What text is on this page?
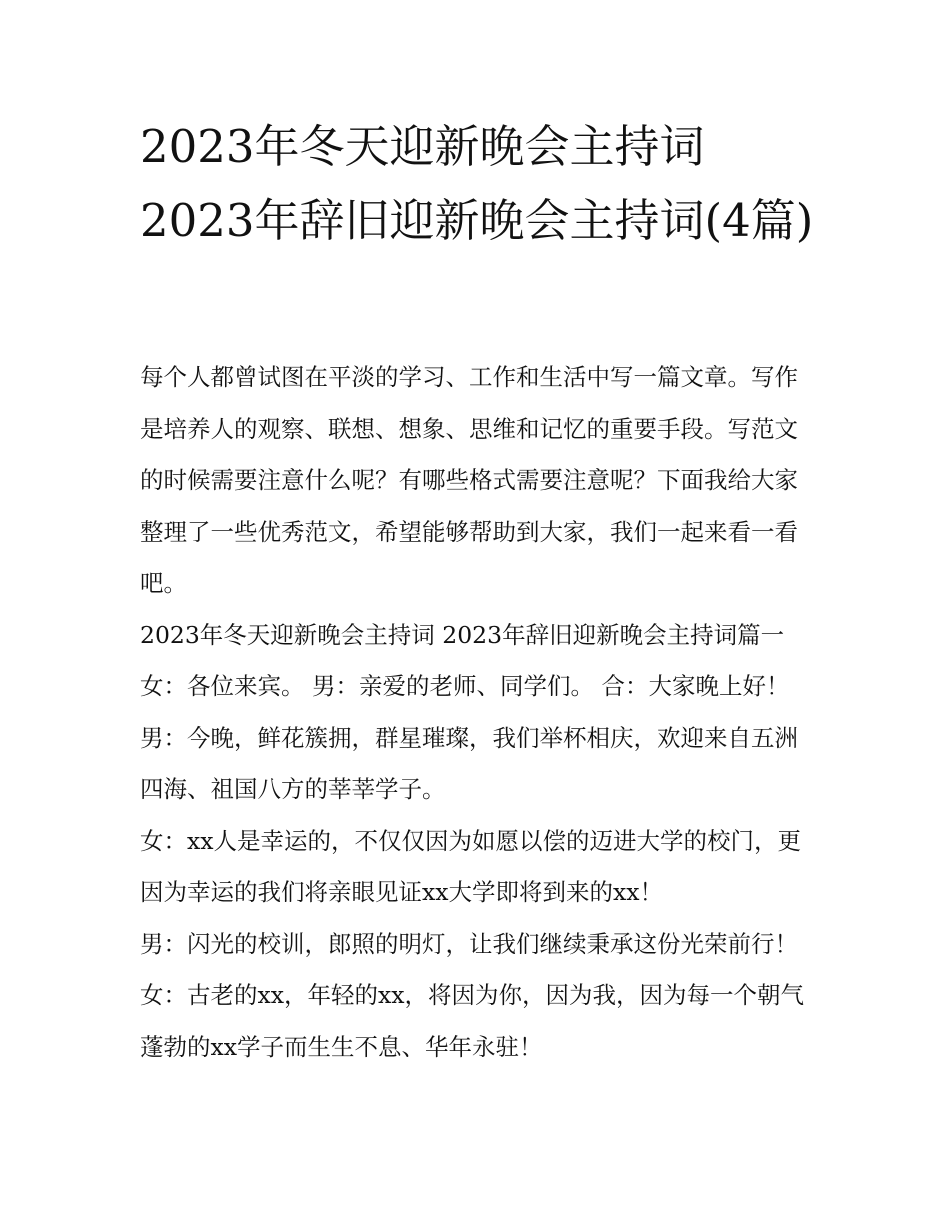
2023年冬天迎新晚会主持词 2023年辞旧迎新晚会主持词(4篇)

每个人都曾试图在平淡的学习、工作和生活中写一篇文章。写作是培养人的观察、联想、想象、思维和记忆的重要手段。写范文的时候需要注意什么呢？有哪些格式需要注意呢？下面我给大家整理了一些优秀范文，希望能够帮助到大家，我们一起来看一看吧。

2023年冬天迎新晚会主持词 2023年辞旧迎新晚会主持词篇一

女：各位来宾。 男：亲爱的老师、同学们。 合：大家晚上好！

男：今晚，鲜花簇拥，群星璀璨，我们举杯相庆，欢迎来自五洲四海、祖国八方的莘莘学子。

女：xx人是幸运的，不仅仅因为如愿以偿的迈进大学的校门，更因为幸运的我们将亲眼见证xx大学即将到来的xx！

男：闪光的校训，郎照的明灯，让我们继续秉承这份光荣前行！ 女：古老的xx，年轻的xx，将因为你，因为我，因为每一个朝气蓬勃的xx学子而生生不息、华年永驻！
